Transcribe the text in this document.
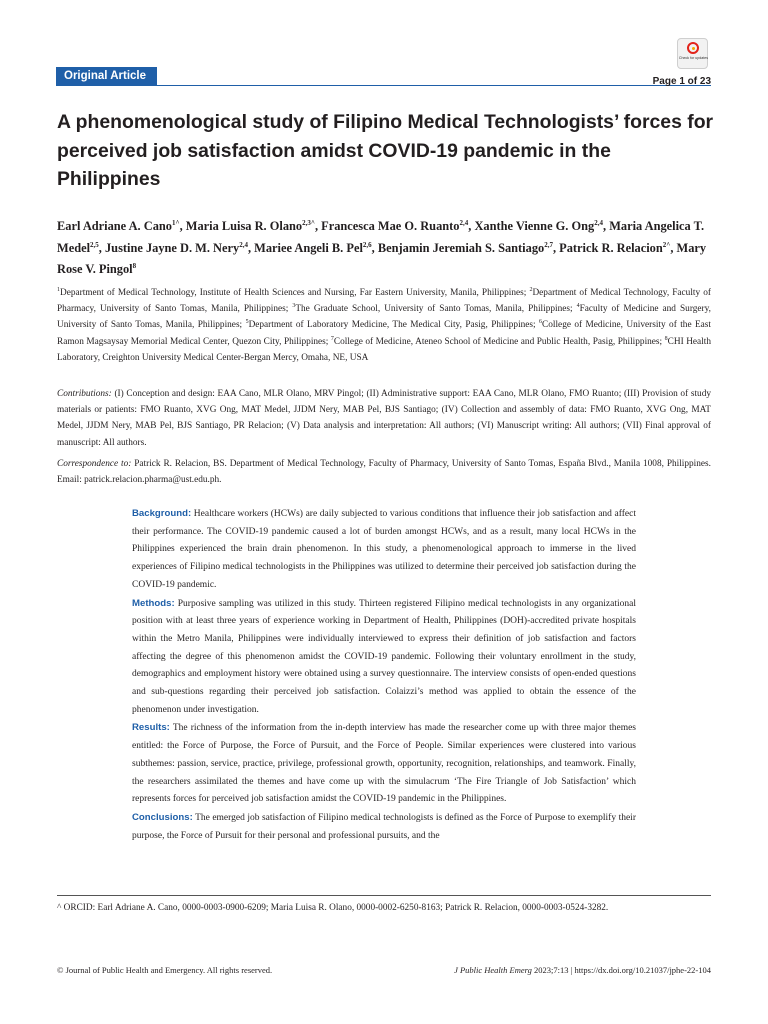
Original Article
Check for updates
Page 1 of 23
A phenomenological study of Filipino Medical Technologists’ forces for perceived job satisfaction amidst COVID-19 pandemic in the Philippines
Earl Adriane A. Cano$^{1\^{}}$, Maria Luisa R. Olano$^{2,3\^{}}$, Francesca Mae O. Ruanto$^{2,4}$, Xanthe Vienne G. Ong$^{2,4}$, Maria Angelica T. Medel$^{2,5}$, Justine Jayne D. M. Nery$^{2,4}$, Mariee Angeli B. Pel$^{2,6}$, Benjamin Jeremiah S. Santiago$^{2,7}$, Patrick R. Relacion$^{2\^{}}$, Mary Rose V. Pingol$^8$
$^1$Department of Medical Technology, Institute of Health Sciences and Nursing, Far Eastern University, Manila, Philippines; $^2$Department of Medical Technology, Faculty of Pharmacy, University of Santo Tomas, Manila, Philippines; $^3$The Graduate School, University of Santo Tomas, Manila, Philippines; $^4$Faculty of Medicine and Surgery, University of Santo Tomas, Manila, Philippines; $^5$Department of Laboratory Medicine, The Medical City, Pasig, Philippines; $^6$College of Medicine, University of the East Ramon Magsaysay Memorial Medical Center, Quezon City, Philippines; $^7$College of Medicine, Ateneo School of Medicine and Public Health, Pasig, Philippines; $^8$CHI Health Laboratory, Creighton University Medical Center-Bergan Mercy, Omaha, NE, USA
Contributions: (I) Conception and design: EAA Cano, MLR Olano, MRV Pingol; (II) Administrative support: EAA Cano, MLR Olano, FMO Ruanto; (III) Provision of study materials or patients: FMO Ruanto, XVG Ong, MAT Medel, JJDM Nery, MAB Pel, BJS Santiago; (IV) Collection and assembly of data: FMO Ruanto, XVG Ong, MAT Medel, JJDM Nery, MAB Pel, BJS Santiago, PR Relacion; (V) Data analysis and interpretation: All authors; (VI) Manuscript writing: All authors; (VII) Final approval of manuscript: All authors.
Correspondence to: Patrick R. Relacion, BS. Department of Medical Technology, Faculty of Pharmacy, University of Santo Tomas, España Blvd., Manila 1008, Philippines. Email: patrick.relacion.pharma@ust.edu.ph.
Background: Healthcare workers (HCWs) are daily subjected to various conditions that influence their job satisfaction and affect their performance. The COVID-19 pandemic caused a lot of burden amongst HCWs, and as a result, many local HCWs in the Philippines experienced the brain drain phenomenon. In this study, a phenomenological approach to immerse in the lived experiences of Filipino medical technologists in the Philippines was utilized to determine their perceived job satisfaction during the COVID-19 pandemic.
Methods: Purposive sampling was utilized in this study. Thirteen registered Filipino medical technologists in any organizational position with at least three years of experience working in Department of Health, Philippines (DOH)-accredited private hospitals within the Metro Manila, Philippines were individually interviewed to express their definition of job satisfaction and factors affecting the degree of this phenomenon amidst the COVID-19 pandemic. Following their voluntary enrollment in the study, demographics and employment history were obtained using a survey questionnaire. The interview consists of open-ended questions and sub-questions regarding their perceived job satisfaction. Colaizzi’s method was applied to obtain the essence of the phenomenon under investigation.
Results: The richness of the information from the in-depth interview has made the researcher come up with three major themes entitled: the Force of Purpose, the Force of Pursuit, and the Force of People. Similar experiences were clustered into various subthemes: passion, service, practice, privilege, professional growth, opportunity, recognition, relationships, and teamwork. Finally, the researchers assimilated the themes and have come up with the simulacrum ‘The Fire Triangle of Job Satisfaction’ which represents forces for perceived job satisfaction amidst the COVID-19 pandemic in the Philippines.
Conclusions: The emerged job satisfaction of Filipino medical technologists is defined as the Force of Purpose to exemplify their purpose, the Force of Pursuit for their personal and professional pursuits, and the
^ ORCID: Earl Adriane A. Cano, 0000-0003-0900-6209; Maria Luisa R. Olano, 0000-0002-6250-8163; Patrick R. Relacion, 0000-0003-0524-3282.
© Journal of Public Health and Emergency. All rights reserved.	J Public Health Emerg 2023;7:13 | https://dx.doi.org/10.21037/jphe-22-104
